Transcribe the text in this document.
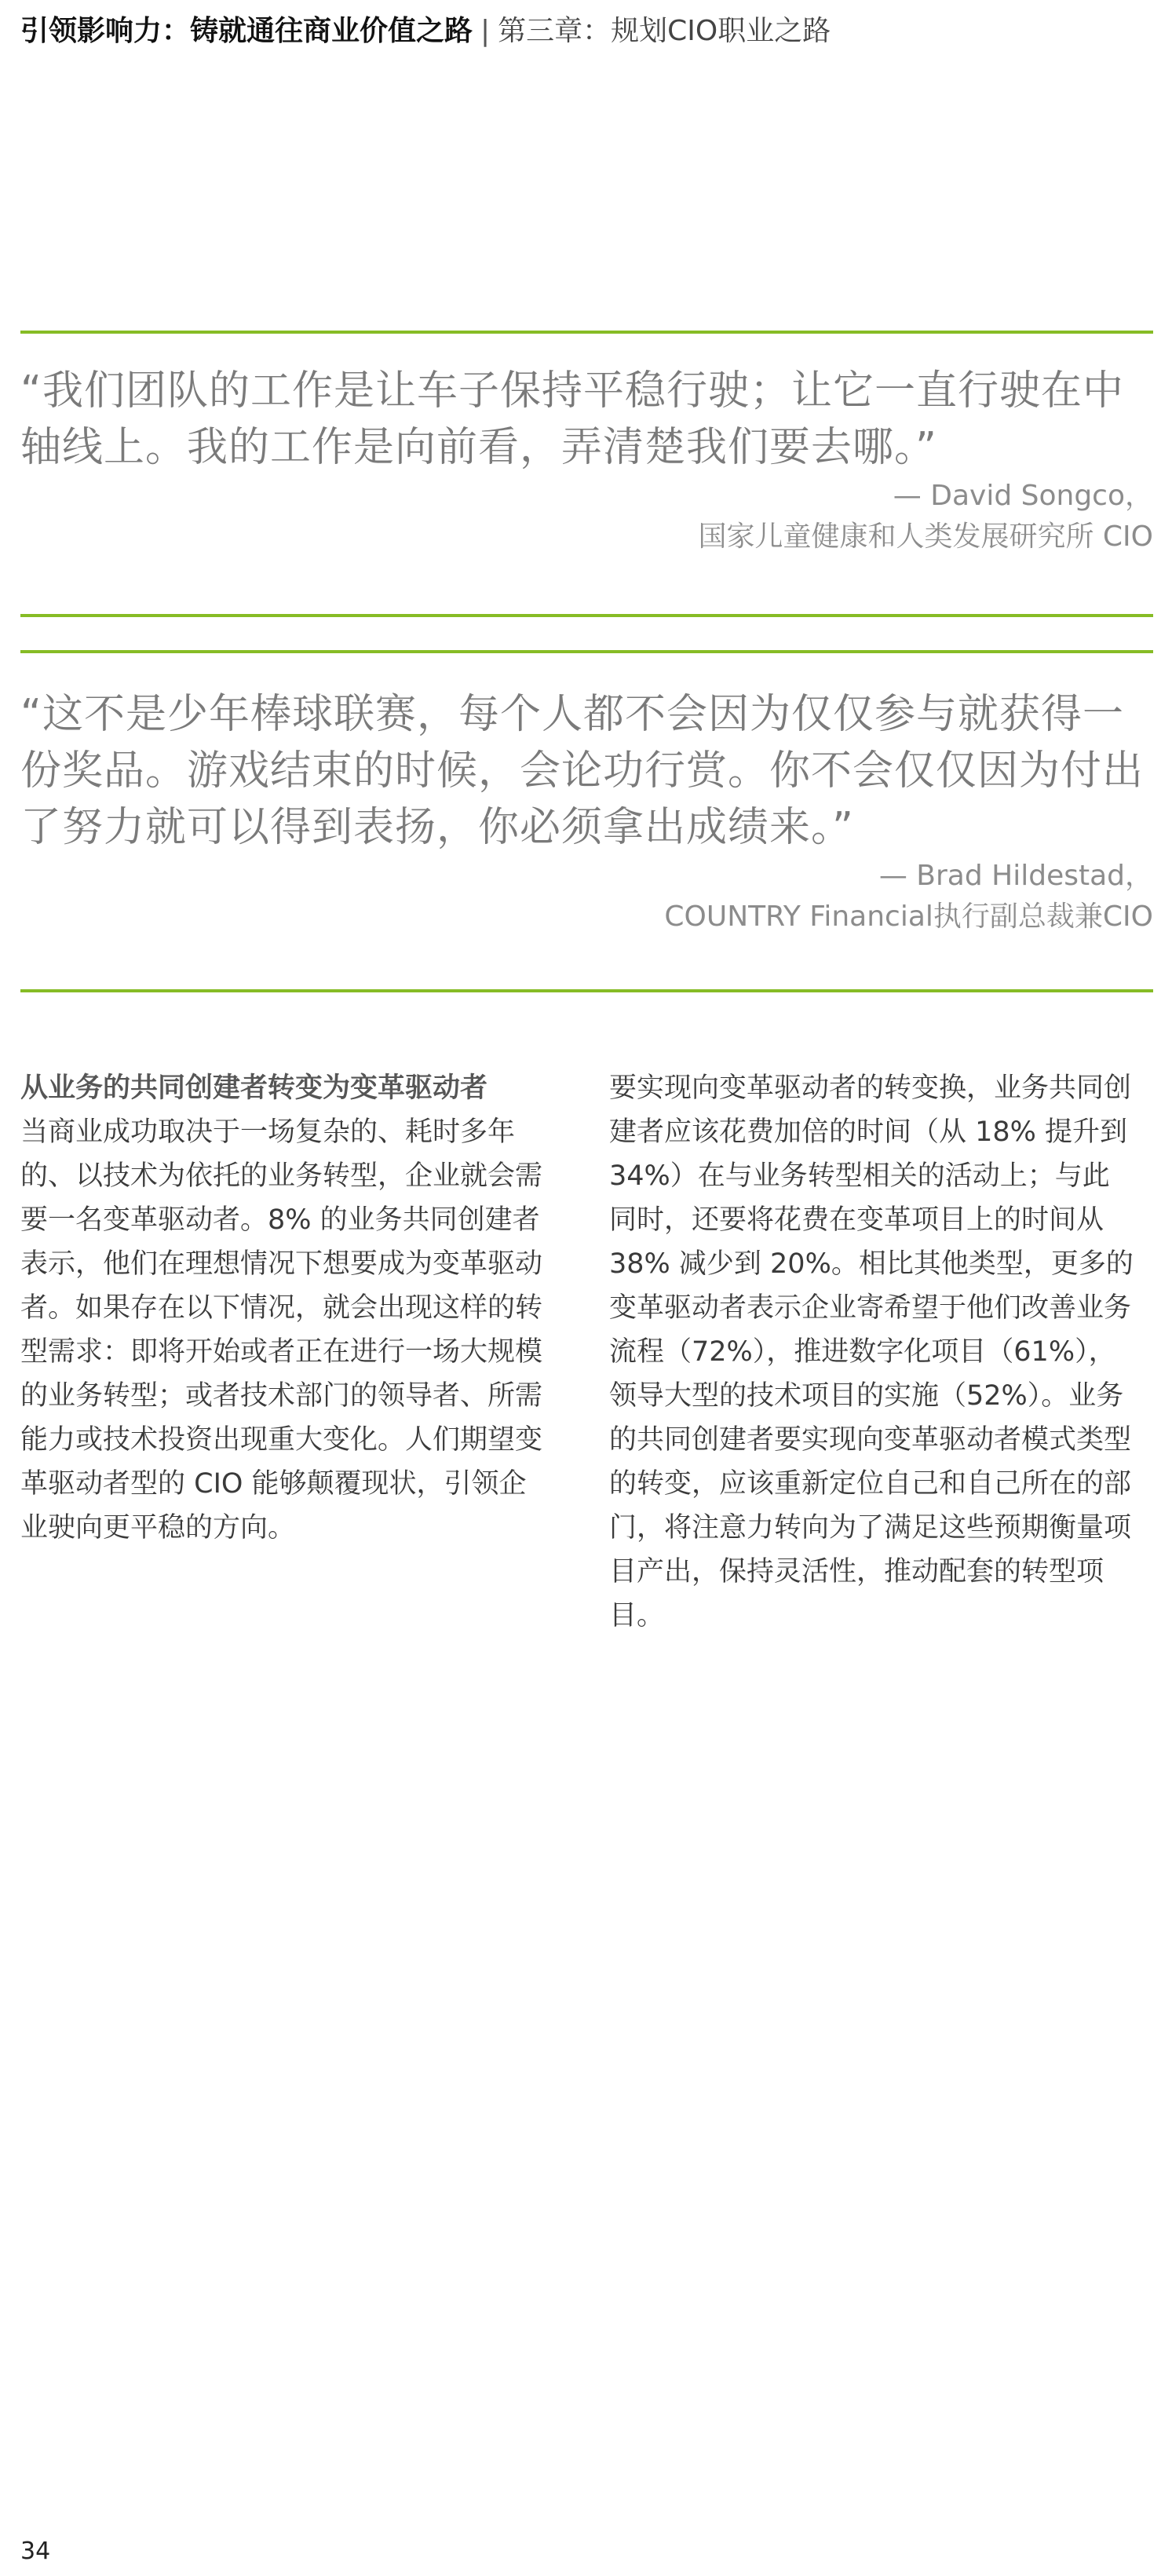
引领影响力：铸就通往商业价值之路 | 第三章：规划CIO职业之路

“我们团队的工作是让车子保持平稳行驶；让它一直行驶在中轴线上。我的工作是向前看，弄清楚我们要去哪。”

— David Songco，

国家儿童健康和人类发展研究所 CIO

“这不是少年棒球联赛，每个人都不会因为仅仅参与就获得一份奖品。游戏结束的时候，会论功行赏。你不会仅仅因为付出了努力就可以得到表扬，你必须拿出成绩来。”

— Brad Hildestad，

COUNTRY Financial执行副总裁兼CIO

从业务的共同创建者转变为变革驱动者

当商业成功取决于一场复杂的、耗时多年的、以技术为依托的业务转型，企业就会需要一名变革驱动者。8% 的业务共同创建者表示，他们在理想情况下想要成为变革驱动者。如果存在以下情况，就会出现这样的转型需求：即将开始或者正在进行一场大规模的业务转型；或者技术部门的领导者、所需能力或技术投资出现重大变化。人们期望变革驱动者型的 CIO 能够颠覆现状，引领企业驶向更平稳的方向。

要实现向变革驱动者的转变换，业务共同创建者应该花费加倍的时间（从 18% 提升到 34%）在与业务转型相关的活动上；与此同时，还要将花费在变革项目上的时间从 38% 减少到 20%。相比其他类型，更多的变革驱动者表示企业寄希望于他们改善业务流程（72%），推进数字化项目（61%），领导大型的技术项目的实施（52%）。业务的共同创建者要实现向变革驱动者模式类型的转变，应该重新定位自己和自己所在的部门，将注意力转向为了满足这些预期衡量项目产出，保持灵活性，推动配套的转型项目。

34
